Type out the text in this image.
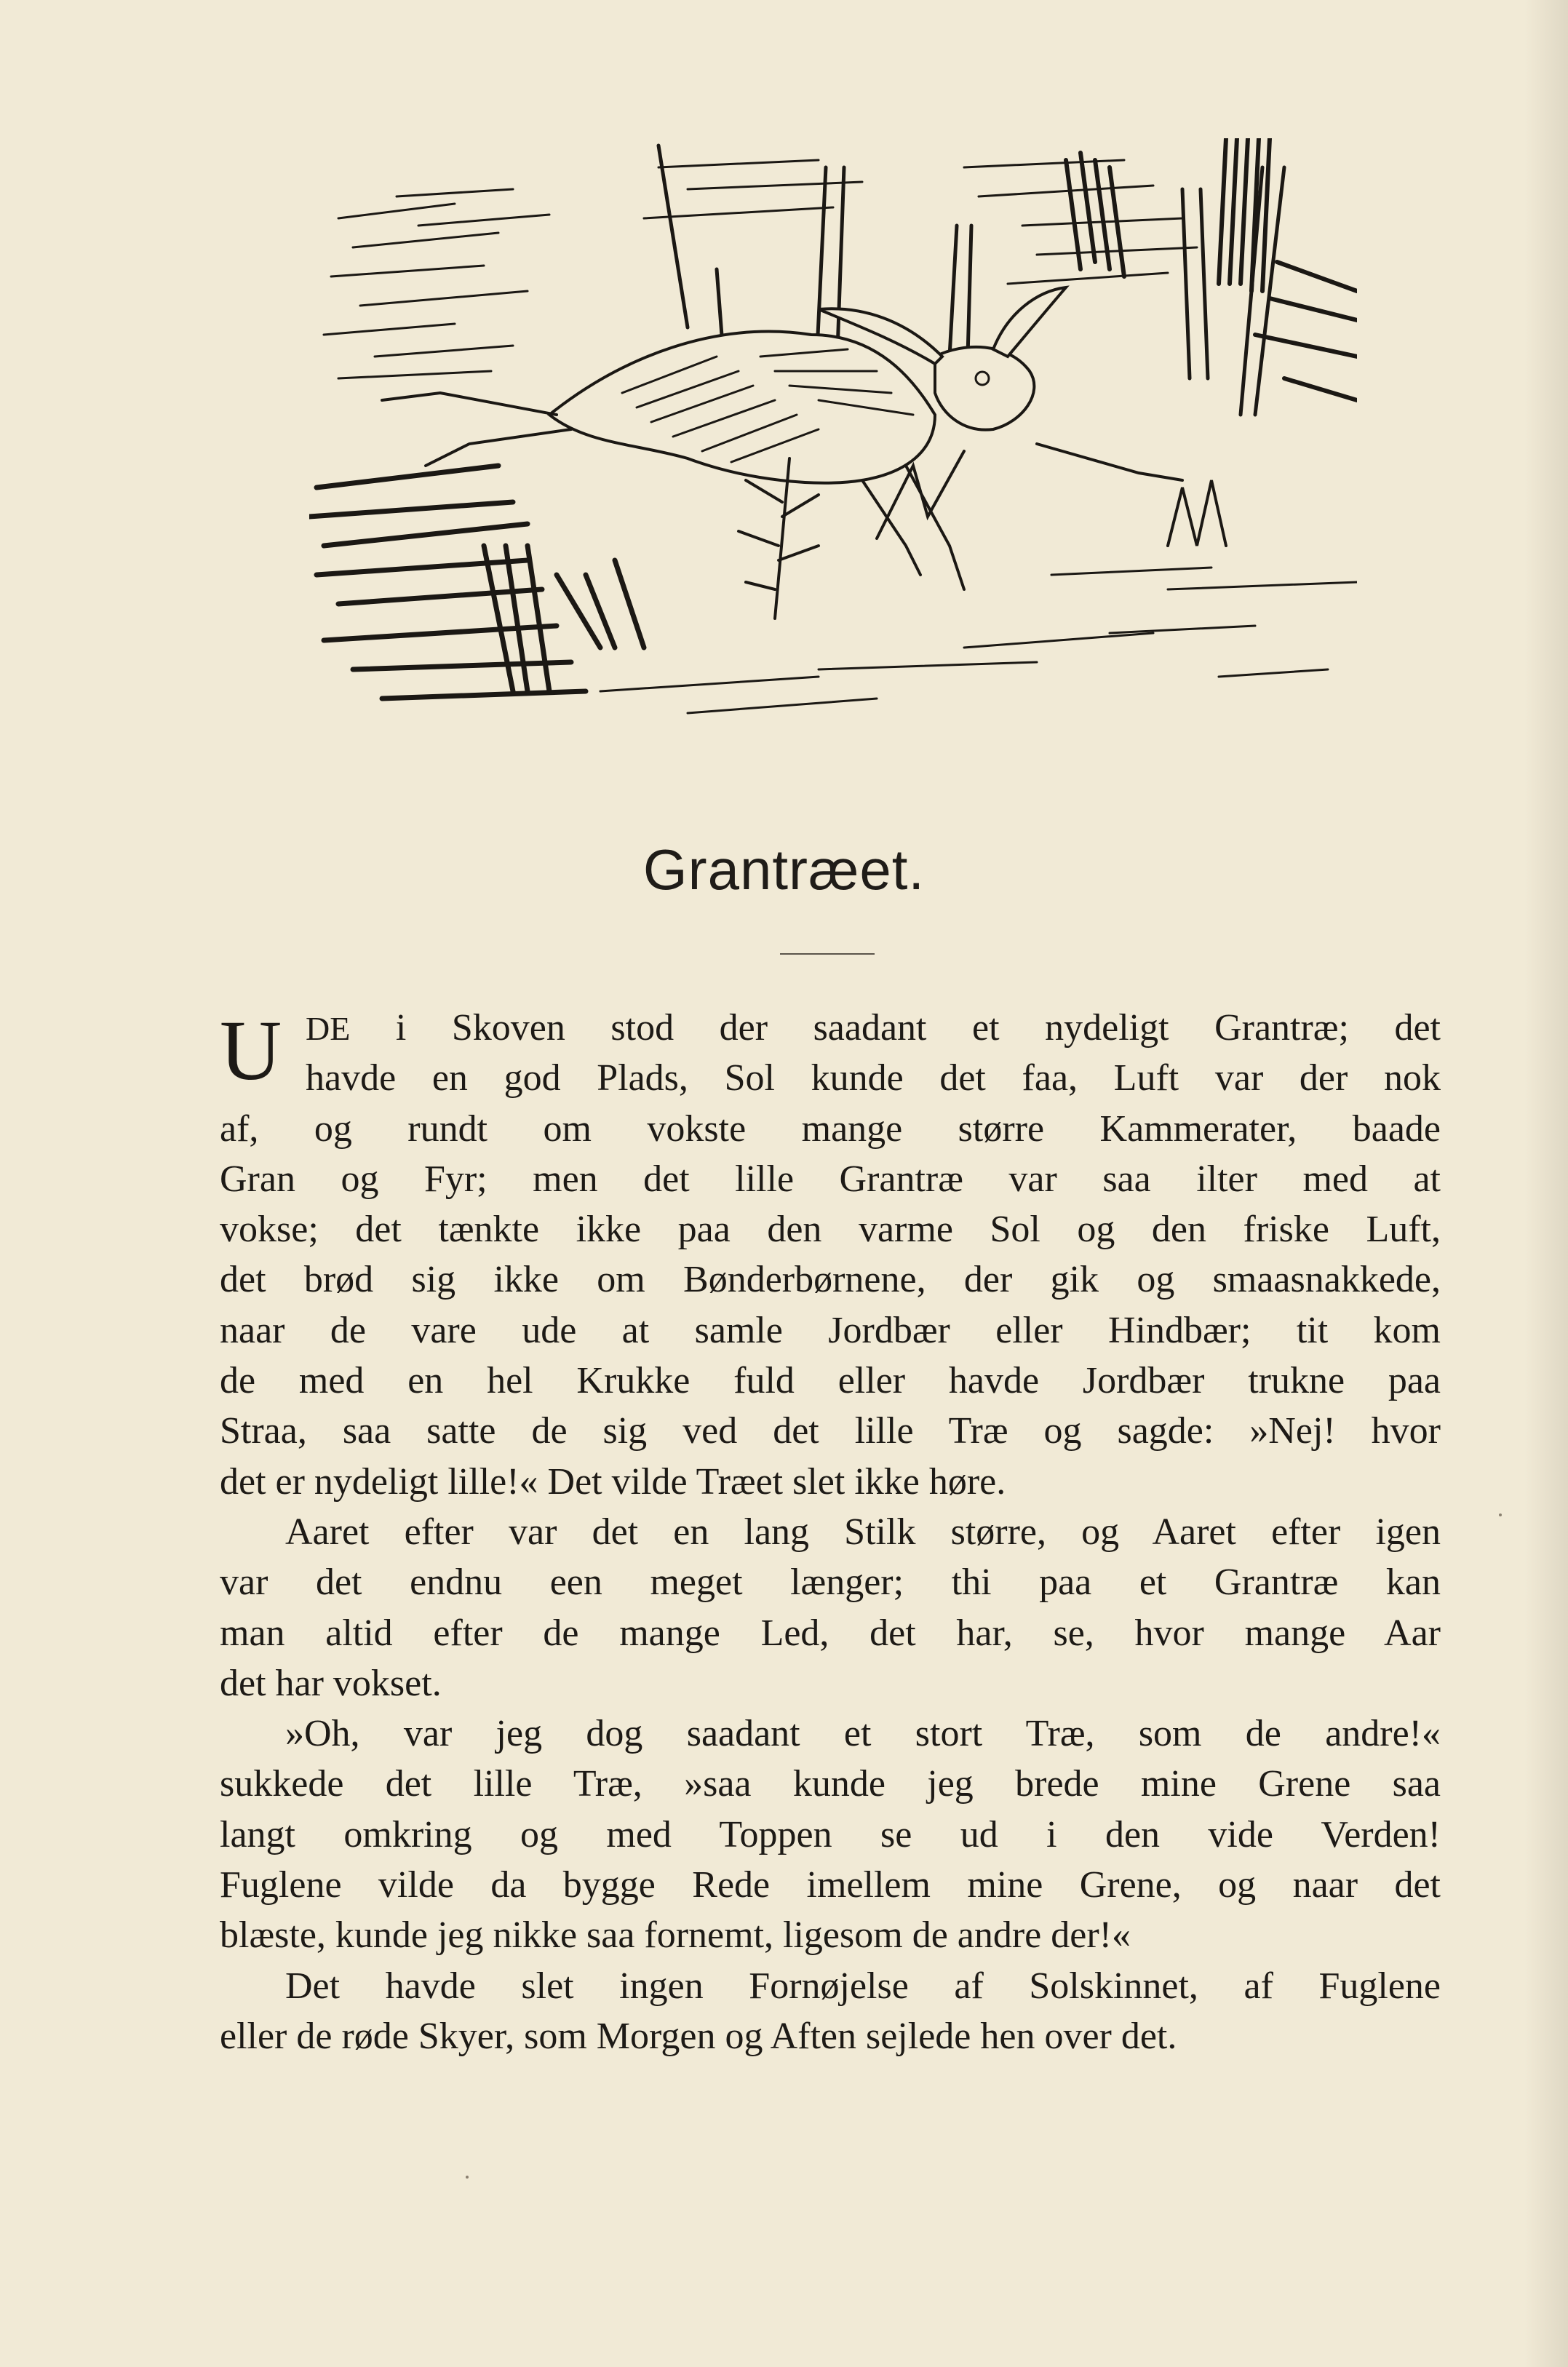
Grantræet.
U DE i Skoven stod der saadant et nydeligt Grantræ; det
havde en god Plads, Sol kunde det faa, Luft var der nok
af, og rundt om vokste mange større Kammerater, baade
Gran og Fyr; men det lille Grantræ var saa ilter med at
vokse; det tænkte ikke paa den varme Sol og den friske Luft,
det brød sig ikke om Bønderbørnene, der gik og smaasnakkede,
naar de vare ude at samle Jordbær eller Hindbær; tit kom
de med en hel Krukke fuld eller havde Jordbær trukne paa
Straa, saa satte de sig ved det lille Træ og sagde: »Nej! hvor
det er nydeligt lille!« Det vilde Træet slet ikke høre.
Aaret efter var det en lang Stilk større, og Aaret efter igen
var det endnu een meget længer; thi paa et Grantræ kan
man altid efter de mange Led, det har, se, hvor mange Aar
det har vokset.
»Oh, var jeg dog saadant et stort Træ, som de andre!«
sukkede det lille Træ, »saa kunde jeg brede mine Grene saa
langt omkring og med Toppen se ud i den vide Verden!
Fuglene vilde da bygge Rede imellem mine Grene, og naar det
blæste, kunde jeg nikke saa fornemt, ligesom de andre der!«
Det havde slet ingen Fornøjelse af Solskinnet, af Fuglene
eller de røde Skyer, som Morgen og Aften sejlede hen over det.
